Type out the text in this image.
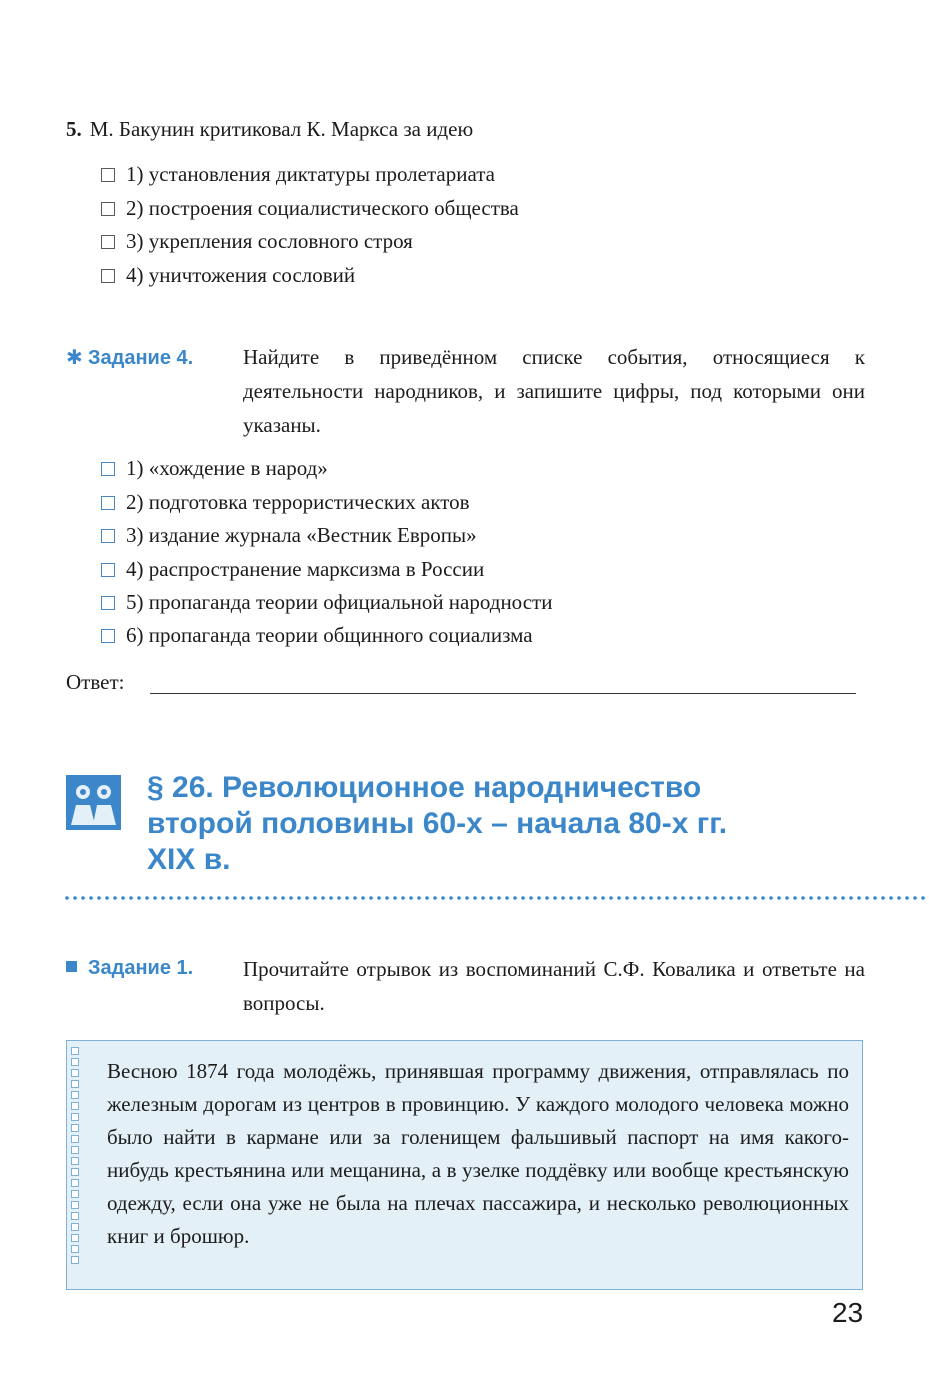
5. М. Бакунин критиковал К. Маркса за идею
1) установления диктатуры пролетариата
2) построения социалистического общества
3) укрепления сословного строя
4) уничтожения сословий
✱ Задание 4. Найдите в приведённом списке события, относящиеся к деятельности народников, и запишите цифры, под которыми они указаны.
1) «хождение в народ»
2) подготовка террористических актов
3) издание журнала «Вестник Европы»
4) распространение марксизма в России
5) пропаганда теории официальной народности
6) пропаганда теории общинного социализма
Ответ:
§ 26. Революционное народничество
второй половины 60-х – начала 80-х гг.
XIX в.
Задание 1. Прочитайте отрывок из воспоминаний С.Ф. Ковалика и ответьте на вопросы.
Весною 1874 года молодёжь, принявшая программу движения, отправлялась по железным дорогам из центров в провинцию. У каждого молодого человека можно было найти в кармане или за голенищем фальшивый паспорт на имя какого-нибудь крестьянина или мещанина, а в узелке поддёвку или вообще крестьянскую одежду, если она уже не была на плечах пассажира, и несколько революционных книг и брошюр.
23
